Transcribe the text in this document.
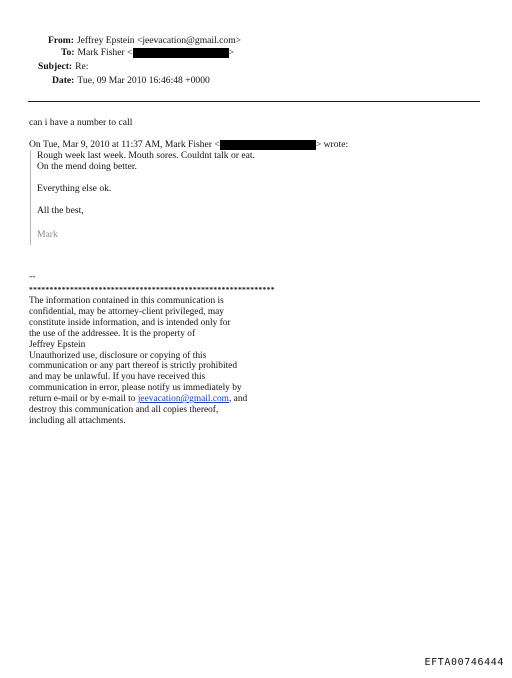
From: Jeffrey Epstein <jeevacation@gmail.com>
To: Mark Fisher <	>
Subject: Re:
Date: Tue, 09 Mar 2010 16:46:48 +0000
can i have a number to call
On Tue, Mar 9, 2010 at 11:37 AM, Mark Fisher <	> wrote:
Rough week last week. Mouth sores. Couldnt talk or eat.
On the mend doing better.
Everything else ok.
All the best,
Mark
--
************************************************************
The information contained in this communication is
confidential, may be attorney-client privileged, may
constitute inside information, and is intended only for
the use of the addressee. It is the property of
Jeffrey Epstein
Unauthorized use, disclosure or copying of this
communication or any part thereof is strictly prohibited
and may be unlawful. If you have received this
communication in error, please notify us immediately by
return e-mail or by e-mail to jeevacation@gmail.com, and
destroy this communication and all copies thereof,
including all attachments.
EFTA00746444
